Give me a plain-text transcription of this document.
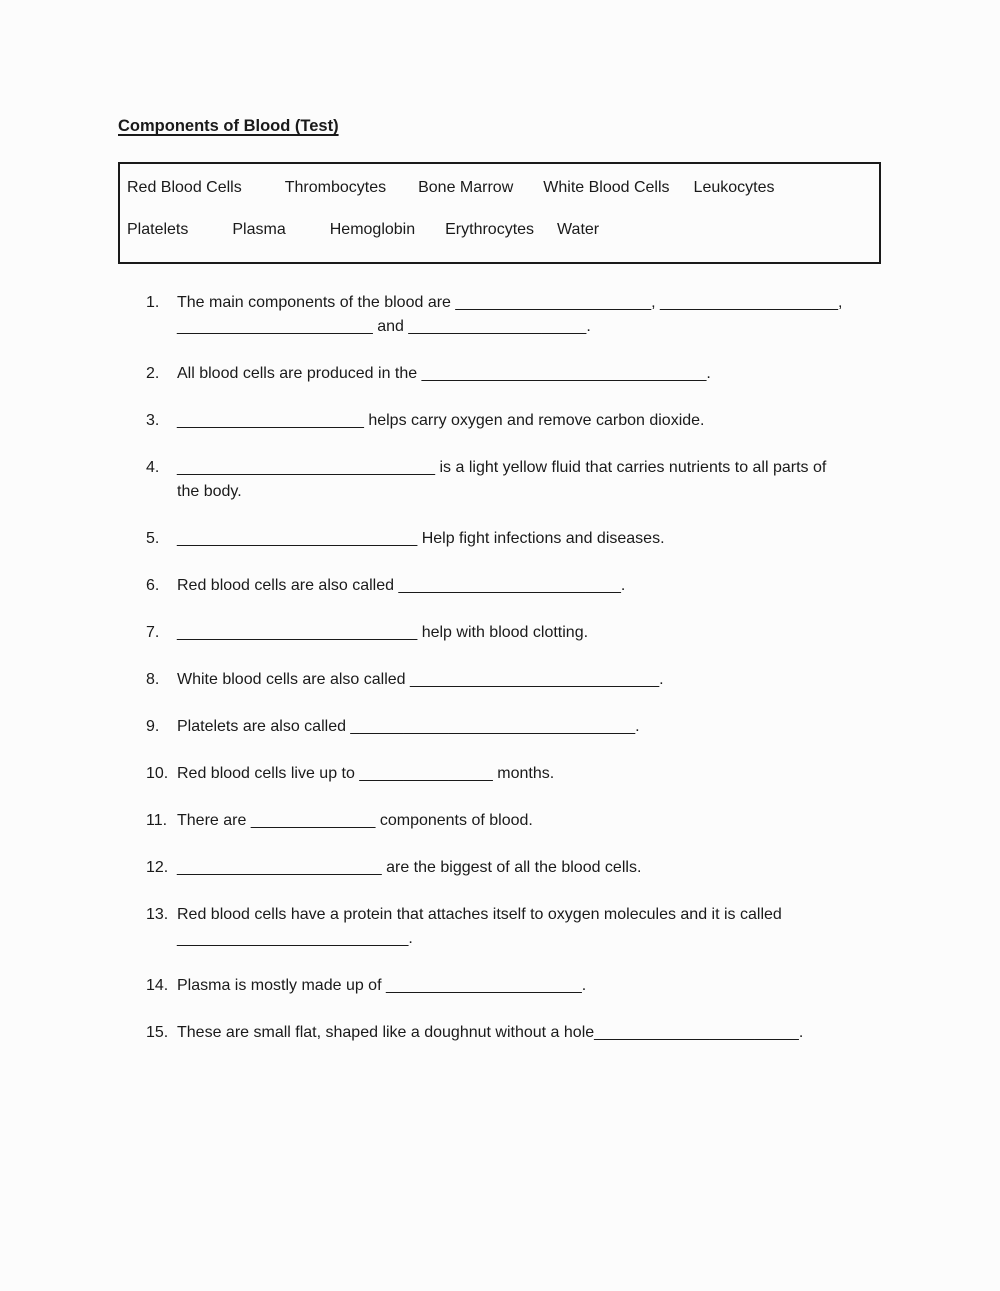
Components of Blood (Test)
Red Blood Cells	Thrombocytes Bone Marrow White Blood Cells Leukocytes
Platelets	Plasma	Hemoglobin Erythrocytes Water
1. The main components of the blood are ______________________, ____________________,
______________________ and ____________________.
2. All blood cells are produced in the ________________________________.
3. _____________________ helps carry oxygen and remove carbon dioxide.
4. _____________________________ is a light yellow fluid that carries nutrients to all parts of
the body.
5. ___________________________ Help fight infections and diseases.
6. Red blood cells are also called _________________________.
7. ___________________________ help with blood clotting.
8. White blood cells are also called ____________________________.
9. Platelets are also called ________________________________.
10. Red blood cells live up to _______________ months.
11. There are ______________ components of blood.
12. _______________________ are the biggest of all the blood cells.
13. Red blood cells have a protein that attaches itself to oxygen molecules and it is called
__________________________.
14. Plasma is mostly made up of ______________________.
15. These are small flat, shaped like a doughnut without a hole_______________________.
